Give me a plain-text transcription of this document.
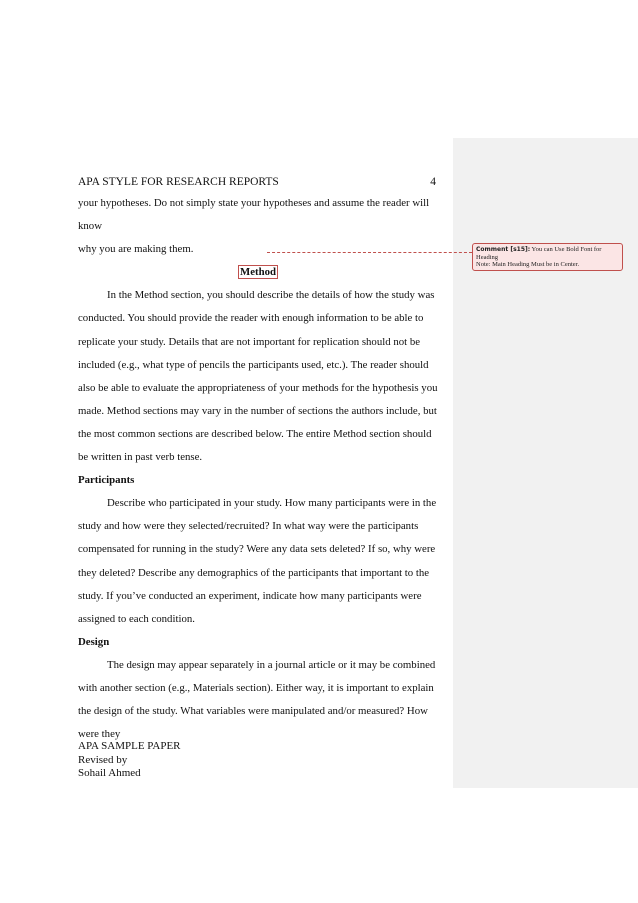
APA STYLE FOR RESEARCH REPORTS	4

your hypotheses. Do not simply state your hypotheses and assume the reader will know

why you are making them.

Method

In the Method section, you should describe the details of how the study was conducted. You should provide the reader with enough information to be able to replicate your study. Details that are not important for replication should not be included (e.g., what type of pencils the participants used, etc.). The reader should also be able to evaluate the appropriateness of your methods for the hypothesis you made. Method sections may vary in the number of sections the authors include, but the most common sections are described below. The entire Method section should be written in past verb tense.

Participants

Describe who participated in your study. How many participants were in the study and how were they selected/recruited? In what way were the participants compensated for running in the study? Were any data sets deleted? If so, why were they deleted? Describe any demographics of the participants that important to the study. If you’ve conducted an experiment, indicate how many participants were assigned to each condition.

Design

The design may appear separately in a journal article or it may be combined with another section (e.g., Materials section). Either way, it is important to explain the design of the study. What variables were manipulated and/or measured? How were they

APA SAMPLE PAPER
Revised by
Sohail Ahmed
Comment [s15]: You can Use Bold Font for Heading
Note: Main Heading Must be in Center.
